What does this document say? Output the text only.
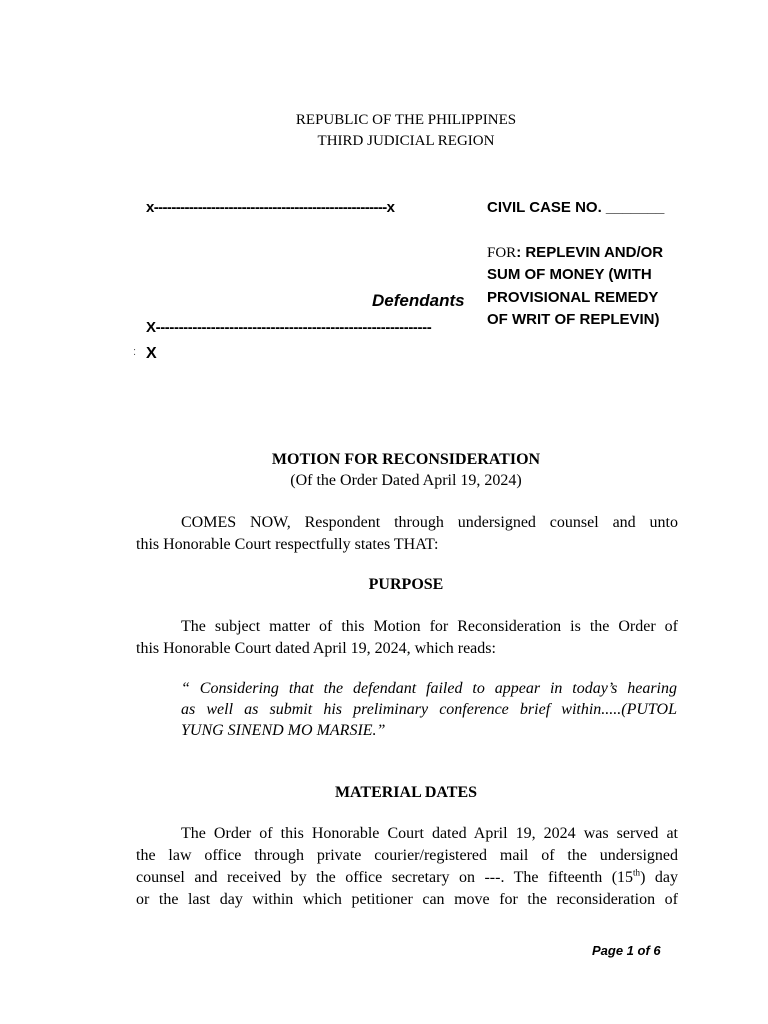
REPUBLIC OF THE PHILIPPINES
THIRD JUDICIAL REGION
x-----------------------------------------------------x	CIVIL CASE NO. _______
FOR: REPLEVIN AND/OR
SUM OF MONEY (WITH
PROVISIONAL REMEDY
OF WRIT OF REPLEVIN)
Defendants
X------------------------------------------------------------
: X
MOTION FOR RECONSIDERATION
(Of the Order Dated April 19, 2024)
COMES NOW, Respondent through undersigned counsel and unto
this Honorable Court respectfully states THAT:
PURPOSE
The subject matter of this Motion for Reconsideration is the Order of
this Honorable Court dated April 19, 2024, which reads:
“ Considering that the defendant failed to appear in today’s hearing
as well as submit his preliminary conference brief within.....(PUTOL
YUNG SINEND MO MARSIE.”
MATERIAL DATES
The Order of this Honorable Court dated April 19, 2024 was served at
the law office through private courier/registered mail of the undersigned
counsel and received by the office secretary on ---. The fifteenth (15th) day
or the last day within which petitioner can move for the reconsideration of
Page 1 of 6
